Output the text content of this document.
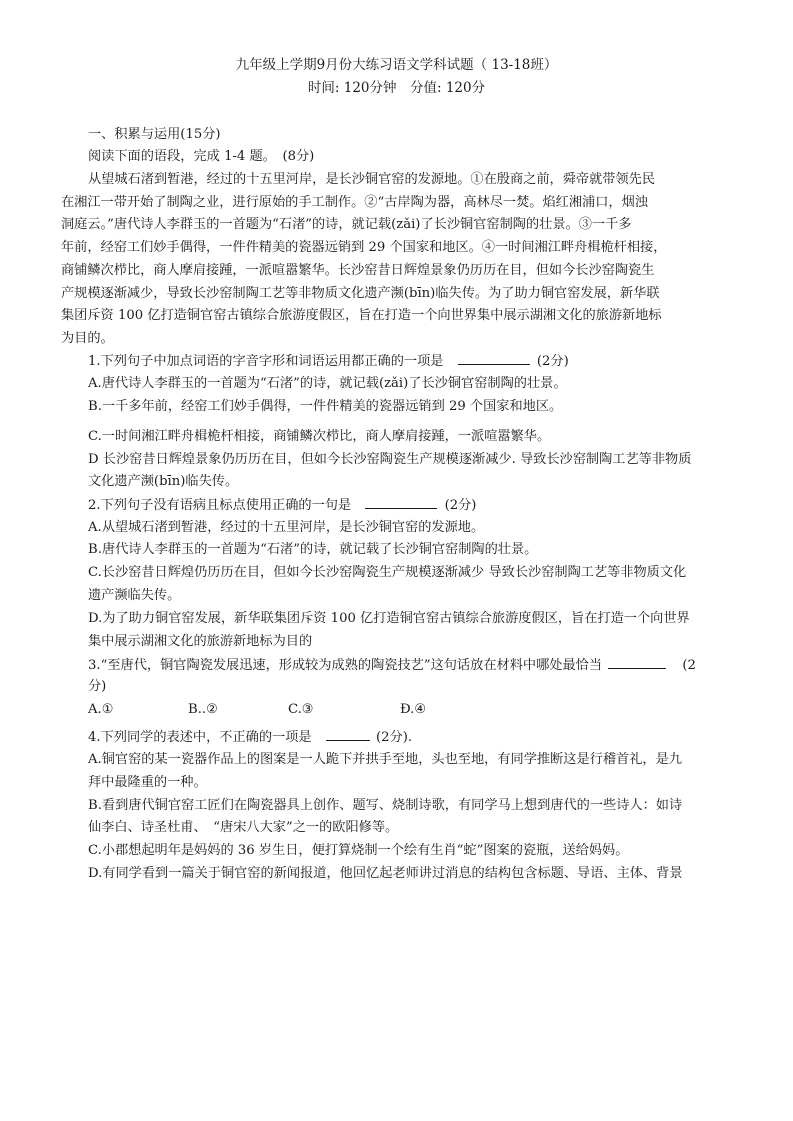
九年级上学期9月份大练习语文学科试题（ 13-18班）
时间: 120分钟　分值: 120分
一、积累与运用(15分)
阅读下面的语段，完成 1-4 题。　(8分)
从望城石渚到暂港，经过的十五里河岸，是长沙铜官窑的发源地。①在殷商之前，舜帝就带领先民
在湘江一带开始了制陶之业，进行原始的手工制作。②“古岸陶为器，高林尽一焚。焰红湘浦口，烟浊
洞庭云。”唐代诗人李群玉的一首题为“石渚”的诗，就记载(zǎi)了长沙铜官窑制陶的壮景。③一千多
年前，经窑工们妙手偶得，一件件精美的瓷器远销到 29 个国家和地区。④一时间湘江畔舟楫桅杆相接，
商铺鳞次栉比，商人摩肩接踵，一派喧嚣繁华。长沙窑昔日辉煌景象仍历历在目，但如今长沙窑陶瓷生
产规模逐渐减少，导致长沙窑制陶工艺等非物质文化遗产濒(bīn)临失传。为了助力铜官窑发展，新华联
集团斥资 100 亿打造铜官窑古镇综合旅游度假区，旨在打造一个向世界集中展示湖湘文化的旅游新地标
为目的。
1.下列句子中加点词语的字音字形和词语运用都正确的一项是	(2分)
A.唐代诗人李群玉的一首题为“石渚”的诗，就记载(zǎi)了长沙铜官窑制陶的壮景。
B.一千多年前，经窑工们妙手偶得，一件件精美的瓷器远销到 29 个国家和地区。
C.一时间湘江畔舟楫桅杆相接，商铺鳞次栉比，商人摩肩接踵，一派喧嚣繁华。
D 长沙窑昔日辉煌景象仍历历在目，但如今长沙窑陶瓷生产规模逐渐减少. 导致长沙窑制陶工艺等非物质
文化遗产濒(bīn)临失传。
2.下列句子没有语病且标点使用正确的一句是	(2分)
A.从望城石渚到暂港，经过的十五里河岸，是长沙铜官窑的发源地。
B.唐代诗人李群玉的一首题为“石渚”的诗，就记载了长沙铜官窑制陶的壮景。
C.长沙窑昔日辉煌仍历历在目，但如今长沙窑陶瓷生产规模逐渐减少 导致长沙窑制陶工艺等非物质文化
遗产濒临失传。
D.为了助力铜官窑发展，新华联集团斥资 100 亿打造铜官窑古镇综合旅游度假区，旨在打造一个向世界
集中展示湖湘文化的旅游新地标为目的
3.“至唐代，铜官陶瓷发展迅速，形成较为成熟的陶瓷技艺”这句话放在材料中哪处最恰当	(2
分)
A.①	B..②	C.③	Đ.④
4.下列同学的表述中，不正确的一项是	(2分).
A.铜官窑的某一瓷器作品上的图案是一人跪下并拱手至地，头也至地，有同学推断这是行稽首礼，是九
拜中最隆重的一种。
B.看到唐代铜官窑工匠们在陶瓷器具上创作、题写、烧制诗歌，有同学马上想到唐代的一些诗人：如诗
仙李白、诗圣杜甫、　“唐宋八大家”之一的欧阳修等。
C.小郡想起明年是妈妈的 36 岁生日，便打算烧制一个绘有生肖“蛇”图案的瓷瓶，送给妈妈。
D.有同学看到一篇关于铜官窑的新闻报道，他回忆起老师讲过消息的结构包含标题、导语、主体、背景
